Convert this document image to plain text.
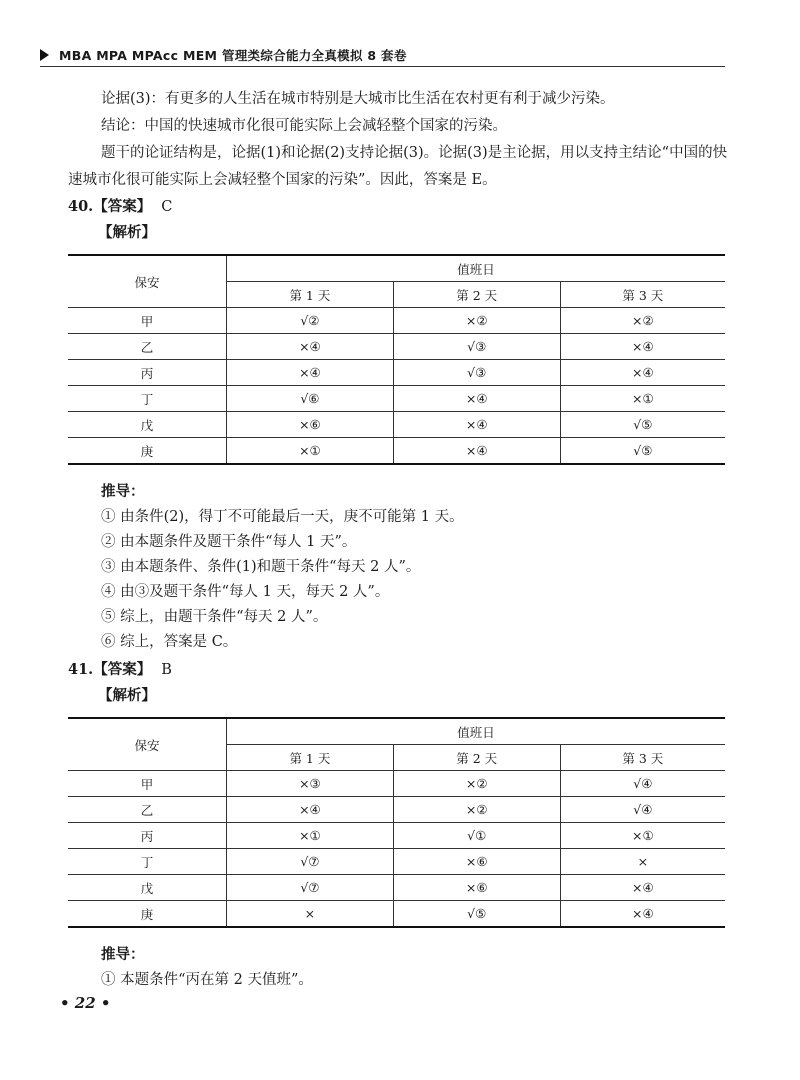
MBA MPA MPAcc MEM 管理类综合能力全真模拟 8 套卷

论据(3)：有更多的人生活在城市特别是大城市比生活在农村更有利于减少污染。

结论：中国的快速城市化很可能实际上会减轻整个国家的污染。

题干的论证结构是，论据(1)和论据(2)支持论据(3)。论据(3)是主论据，用以支持主结论“中国的快速城市化很可能实际上会减轻整个国家的污染”。因此，答案是 E。

40.【答案】 C

【解析】
保安	值班日		
	第 1 天	第 2 天	第 3 天
甲	√②	×②	×②
乙	×④	√③	×④
丙	×④	√③	×④
丁	√⑥	×④	×①
戊	×⑥	×④	√⑤
庚	×①	×④	√⑤
推导：
① 由条件(2)，得丁不可能最后一天，庚不可能第 1 天。
② 由本题条件及题干条件“每人 1 天”。
③ 由本题条件、条件(1)和题干条件“每天 2 人”。
④ 由③及题干条件“每人 1 天，每天 2 人”。
⑤ 综上，由题干条件“每天 2 人”。
⑥ 综上，答案是 C。

41.【答案】 B

【解析】
保安	值班日		
	第 1 天	第 2 天	第 3 天
甲	×③	×②	√④
乙	×④	×②	√④
丙	×①	√①	×①
丁	√⑦	×⑥	×
戊	√⑦	×⑥	×④
庚	×	√⑤	×④
推导：
① 本题条件“丙在第 2 天值班”。
• 22 •
